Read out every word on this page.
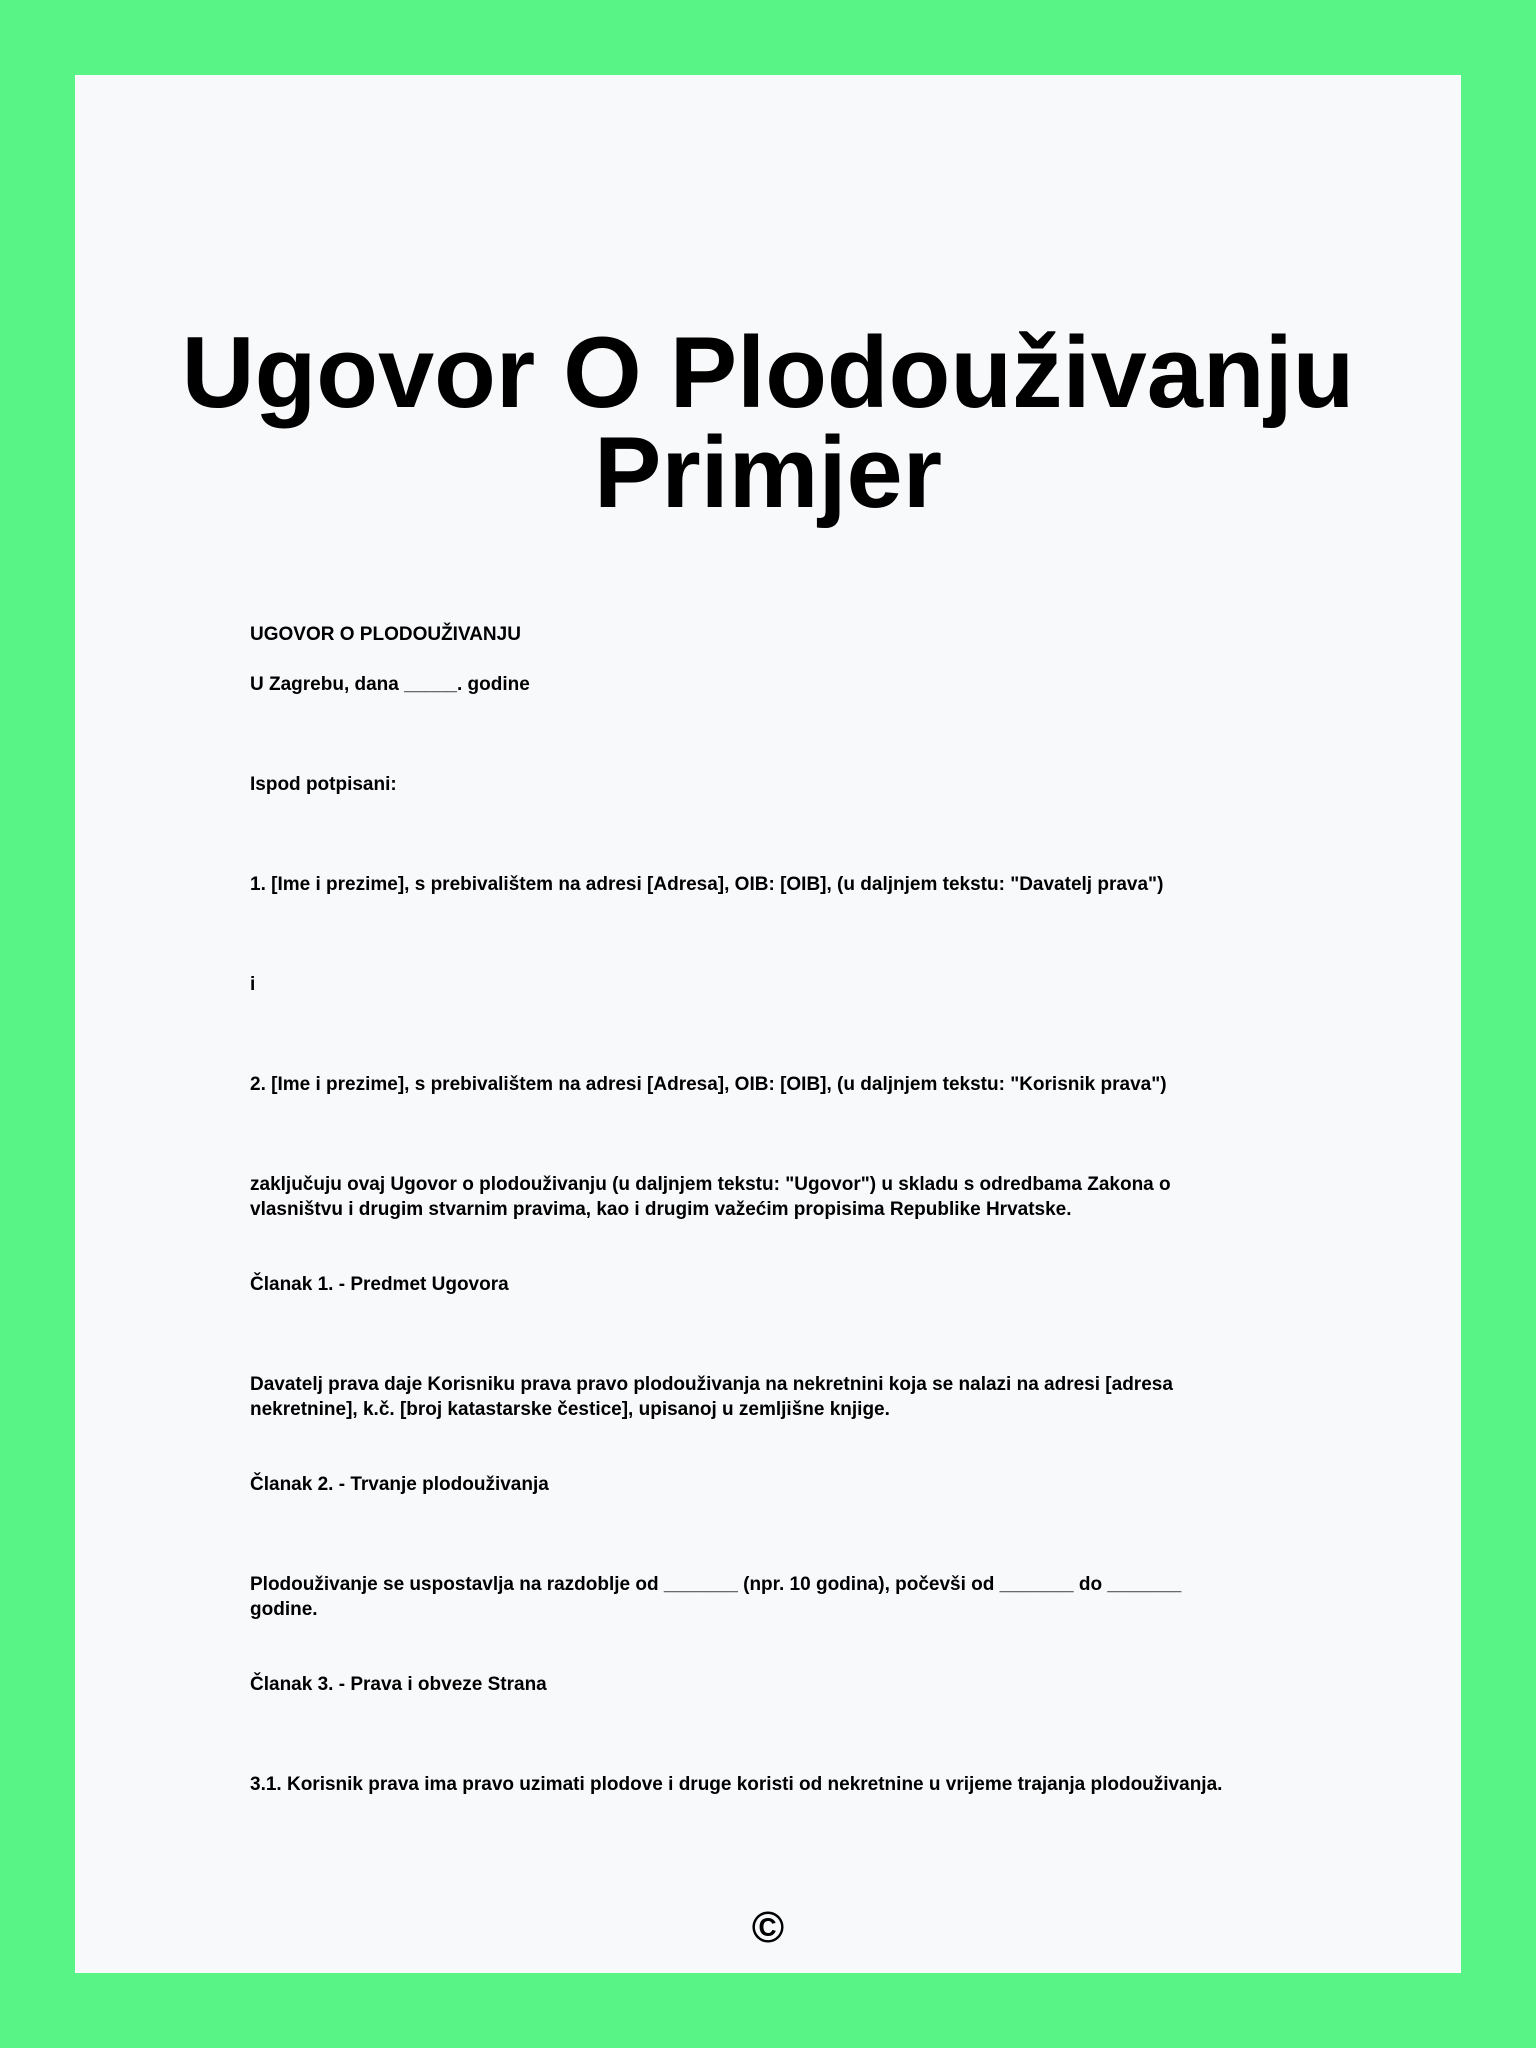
Ugovor O Plodouživanju
Primjer

UGOVOR O PLODOUŽIVANJU

U Zagrebu, dana _____. godine

Ispod potpisani:

1. [Ime i prezime], s prebivalištem na adresi [Adresa], OIB: [OIB], (u daljnjem tekstu: "Davatelj prava")

i

2. [Ime i prezime], s prebivalištem na adresi [Adresa], OIB: [OIB], (u daljnjem tekstu: "Korisnik prava")

zaključuju ovaj Ugovor o plodouživanju (u daljnjem tekstu: "Ugovor") u skladu s odredbama Zakona o vlasništvu i drugim stvarnim pravima, kao i drugim važećim propisima Republike Hrvatske.

Članak 1. - Predmet Ugovora

Davatelj prava daje Korisniku prava pravo plodouživanja na nekretnini koja se nalazi na adresi [adresa nekretnine], k.č. [broj katastarske čestice], upisanoj u zemljišne knjige.

Članak 2. - Trvanje plodouživanja

Plodouživanje se uspostavlja na razdoblje od _______ (npr. 10 godina), počevši od _______ do _______ godine.

Članak 3. - Prava i obveze Strana

3.1. Korisnik prava ima pravo uzimati plodove i druge koristi od nekretnine u vrijeme trajanja plodouživanja.

©
